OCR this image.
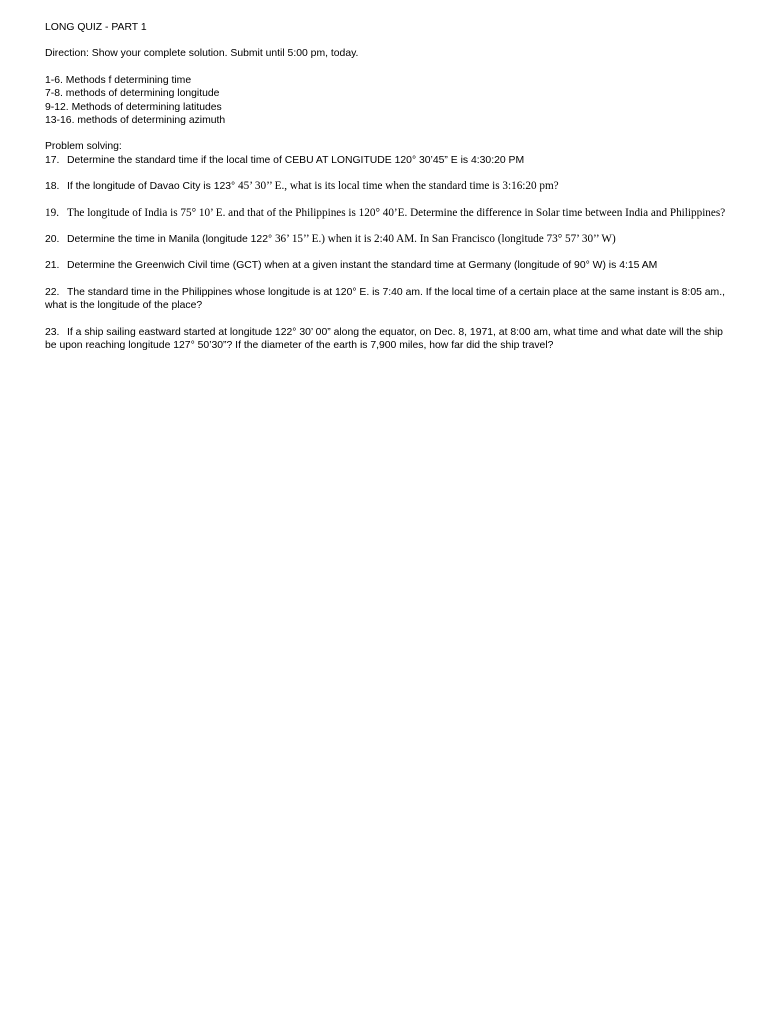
LONG QUIZ - PART 1
Direction: Show your complete solution. Submit until 5:00 pm, today.
1-6. Methods f determining time
7-8. methods of determining longitude
9-12. Methods of determining latitudes
13-16. methods of determining azimuth
Problem solving:
17. Determine the standard time if the local time of CEBU AT LONGITUDE 120° 30’45” E is 4:30:20 PM
18. If the longitude of Davao City is 123° 45’ 30’’ E., what is its local time when the standard time is 3:16:20 pm?
19. The longitude of India is 75° 10’ E. and that of the Philippines is 120° 40’E. Determine the difference in Solar time between India and Philippines?
20. Determine the time in Manila (longitude 122° 36’ 15’’ E.) when it is 2:40 AM. In San Francisco (longitude 73° 57’ 30’’ W)
21. Determine the Greenwich Civil time (GCT) when at a given instant the standard time at Germany (longitude of 90° W) is 4:15 AM
22. The standard time in the Philippines whose longitude is at 120° E. is 7:40 am. If the local time of a certain place at the same instant is 8:05 am., what is the longitude of the place?
23. If a ship sailing eastward started at longitude 122° 30’ 00” along the equator, on Dec. 8, 1971, at 8:00 am, what time and what date will the ship be upon reaching longitude 127° 50’30”? If the diameter of the earth is 7,900 miles, how far did the ship travel?
